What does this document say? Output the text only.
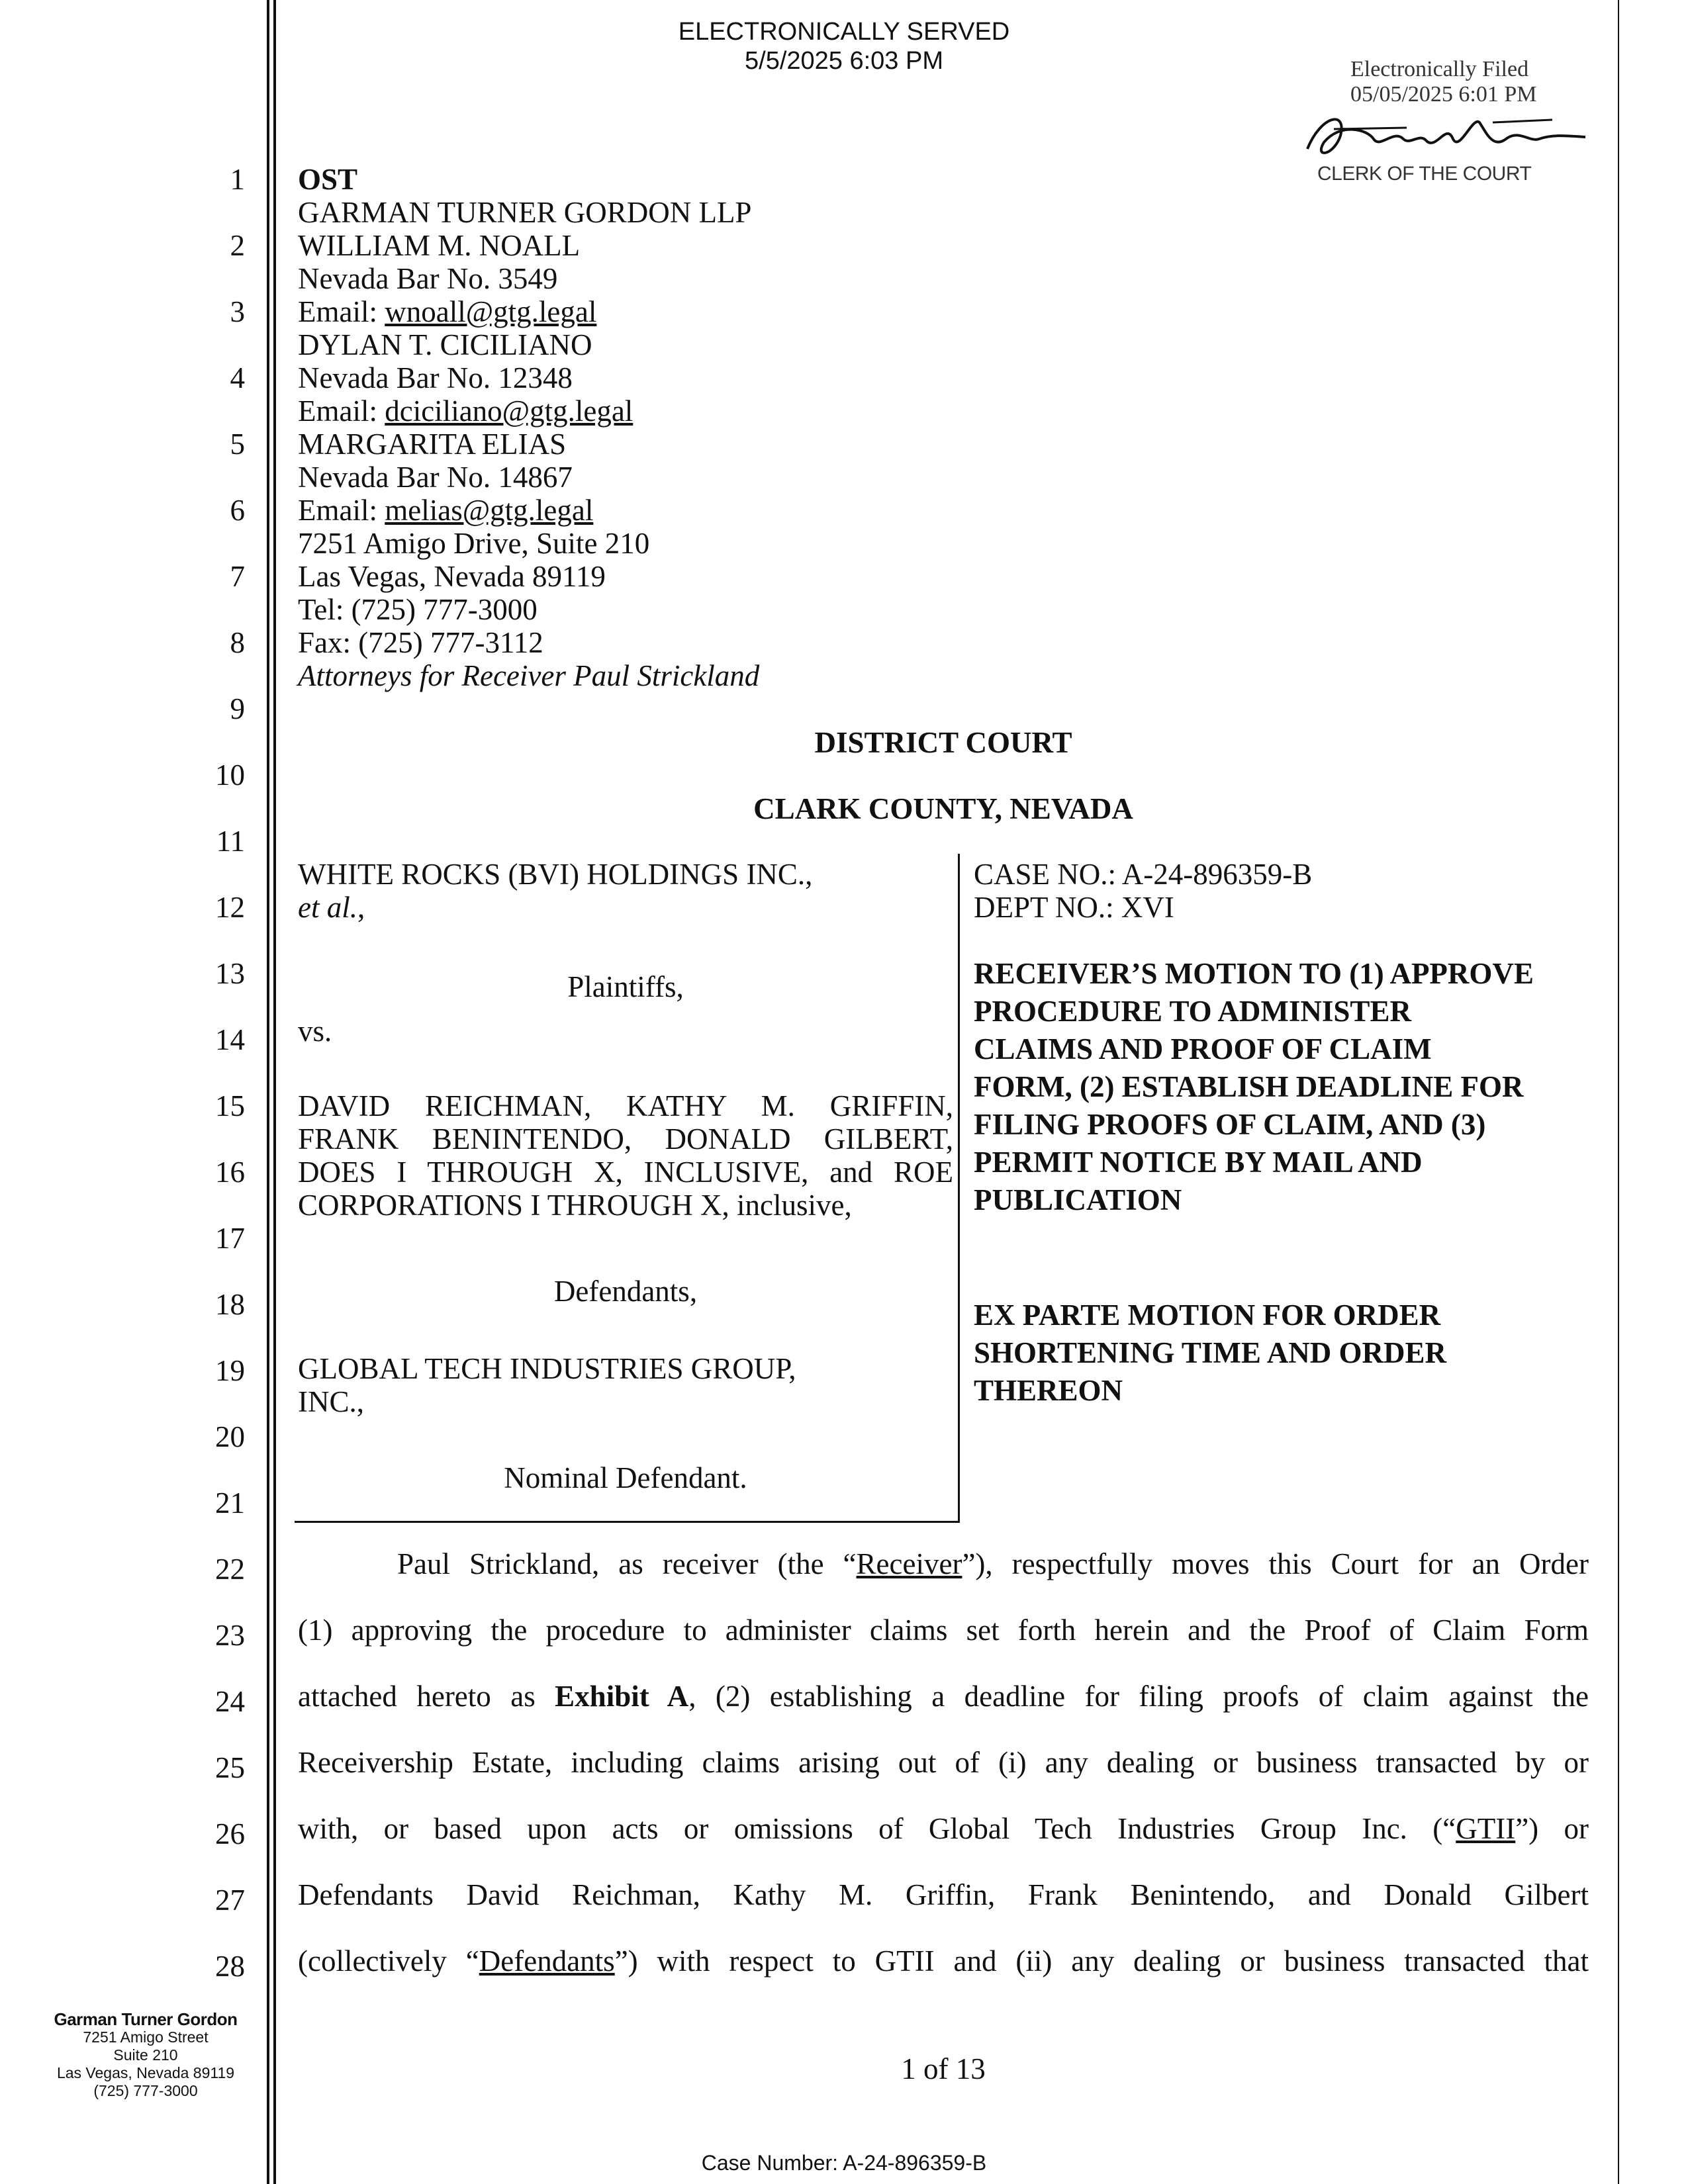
ELECTRONICALLY SERVED
5/5/2025 6:03 PM	Electronically Filed
05/05/2025 6:01 PM
CLERK OF THE COURT
1
2
3
4
5
6
7
8
9
10
11
12
13
14
15
16
17
18
19
20
21
22
23
24
25
26
27
28
OST
GARMAN TURNER GORDON LLP
WILLIAM M. NOALL
Nevada Bar No. 3549
Email: wnoall@gtg.legal
DYLAN T. CICILIANO
Nevada Bar No. 12348
Email: dciciliano@gtg.legal
MARGARITA ELIAS
Nevada Bar No. 14867
Email: melias@gtg.legal
7251 Amigo Drive, Suite 210
Las Vegas, Nevada 89119
Tel: (725) 777-3000
Fax: (725) 777-3112
Attorneys for Receiver Paul Strickland
DISTRICT COURT
CLARK COUNTY, NEVADA
WHITE ROCKS (BVI) HOLDINGS INC.,
et al.,
Plaintiffs,
vs.
DAVID REICHMAN, KATHY M. GRIFFIN,
FRANK BENINTENDO, DONALD GILBERT,
DOES I THROUGH X, INCLUSIVE, and ROE
CORPORATIONS I THROUGH X, inclusive,
Defendants,
GLOBAL TECH INDUSTRIES GROUP,
INC.,
Nominal Defendant.
CASE NO.: A-24-896359-B
DEPT NO.: XVI
RECEIVER’S MOTION TO (1) APPROVE
PROCEDURE TO ADMINISTER
CLAIMS AND PROOF OF CLAIM
FORM, (2) ESTABLISH DEADLINE FOR
FILING PROOFS OF CLAIM, AND (3)
PERMIT NOTICE BY MAIL AND
PUBLICATION
EX PARTE MOTION FOR ORDER
SHORTENING TIME AND ORDER
THEREON
Paul Strickland, as receiver (the “Receiver”), respectfully moves this Court for an Order
(1) approving the procedure to administer claims set forth herein and the Proof of Claim Form
attached hereto as Exhibit A, (2) establishing a deadline for filing proofs of claim against the
Receivership Estate, including claims arising out of (i) any dealing or business transacted by or
with, or based upon acts or omissions of Global Tech Industries Group Inc. (“GTII”) or
Defendants David Reichman, Kathy M. Griffin, Frank Benintendo, and Donald Gilbert
(collectively “Defendants”) with respect to GTII and (ii) any dealing or business transacted that
Garman Turner Gordon
7251 Amigo Street
Suite 210
Las Vegas, Nevada 89119
(725) 777-3000
1 of 13
Case Number: A-24-896359-B
